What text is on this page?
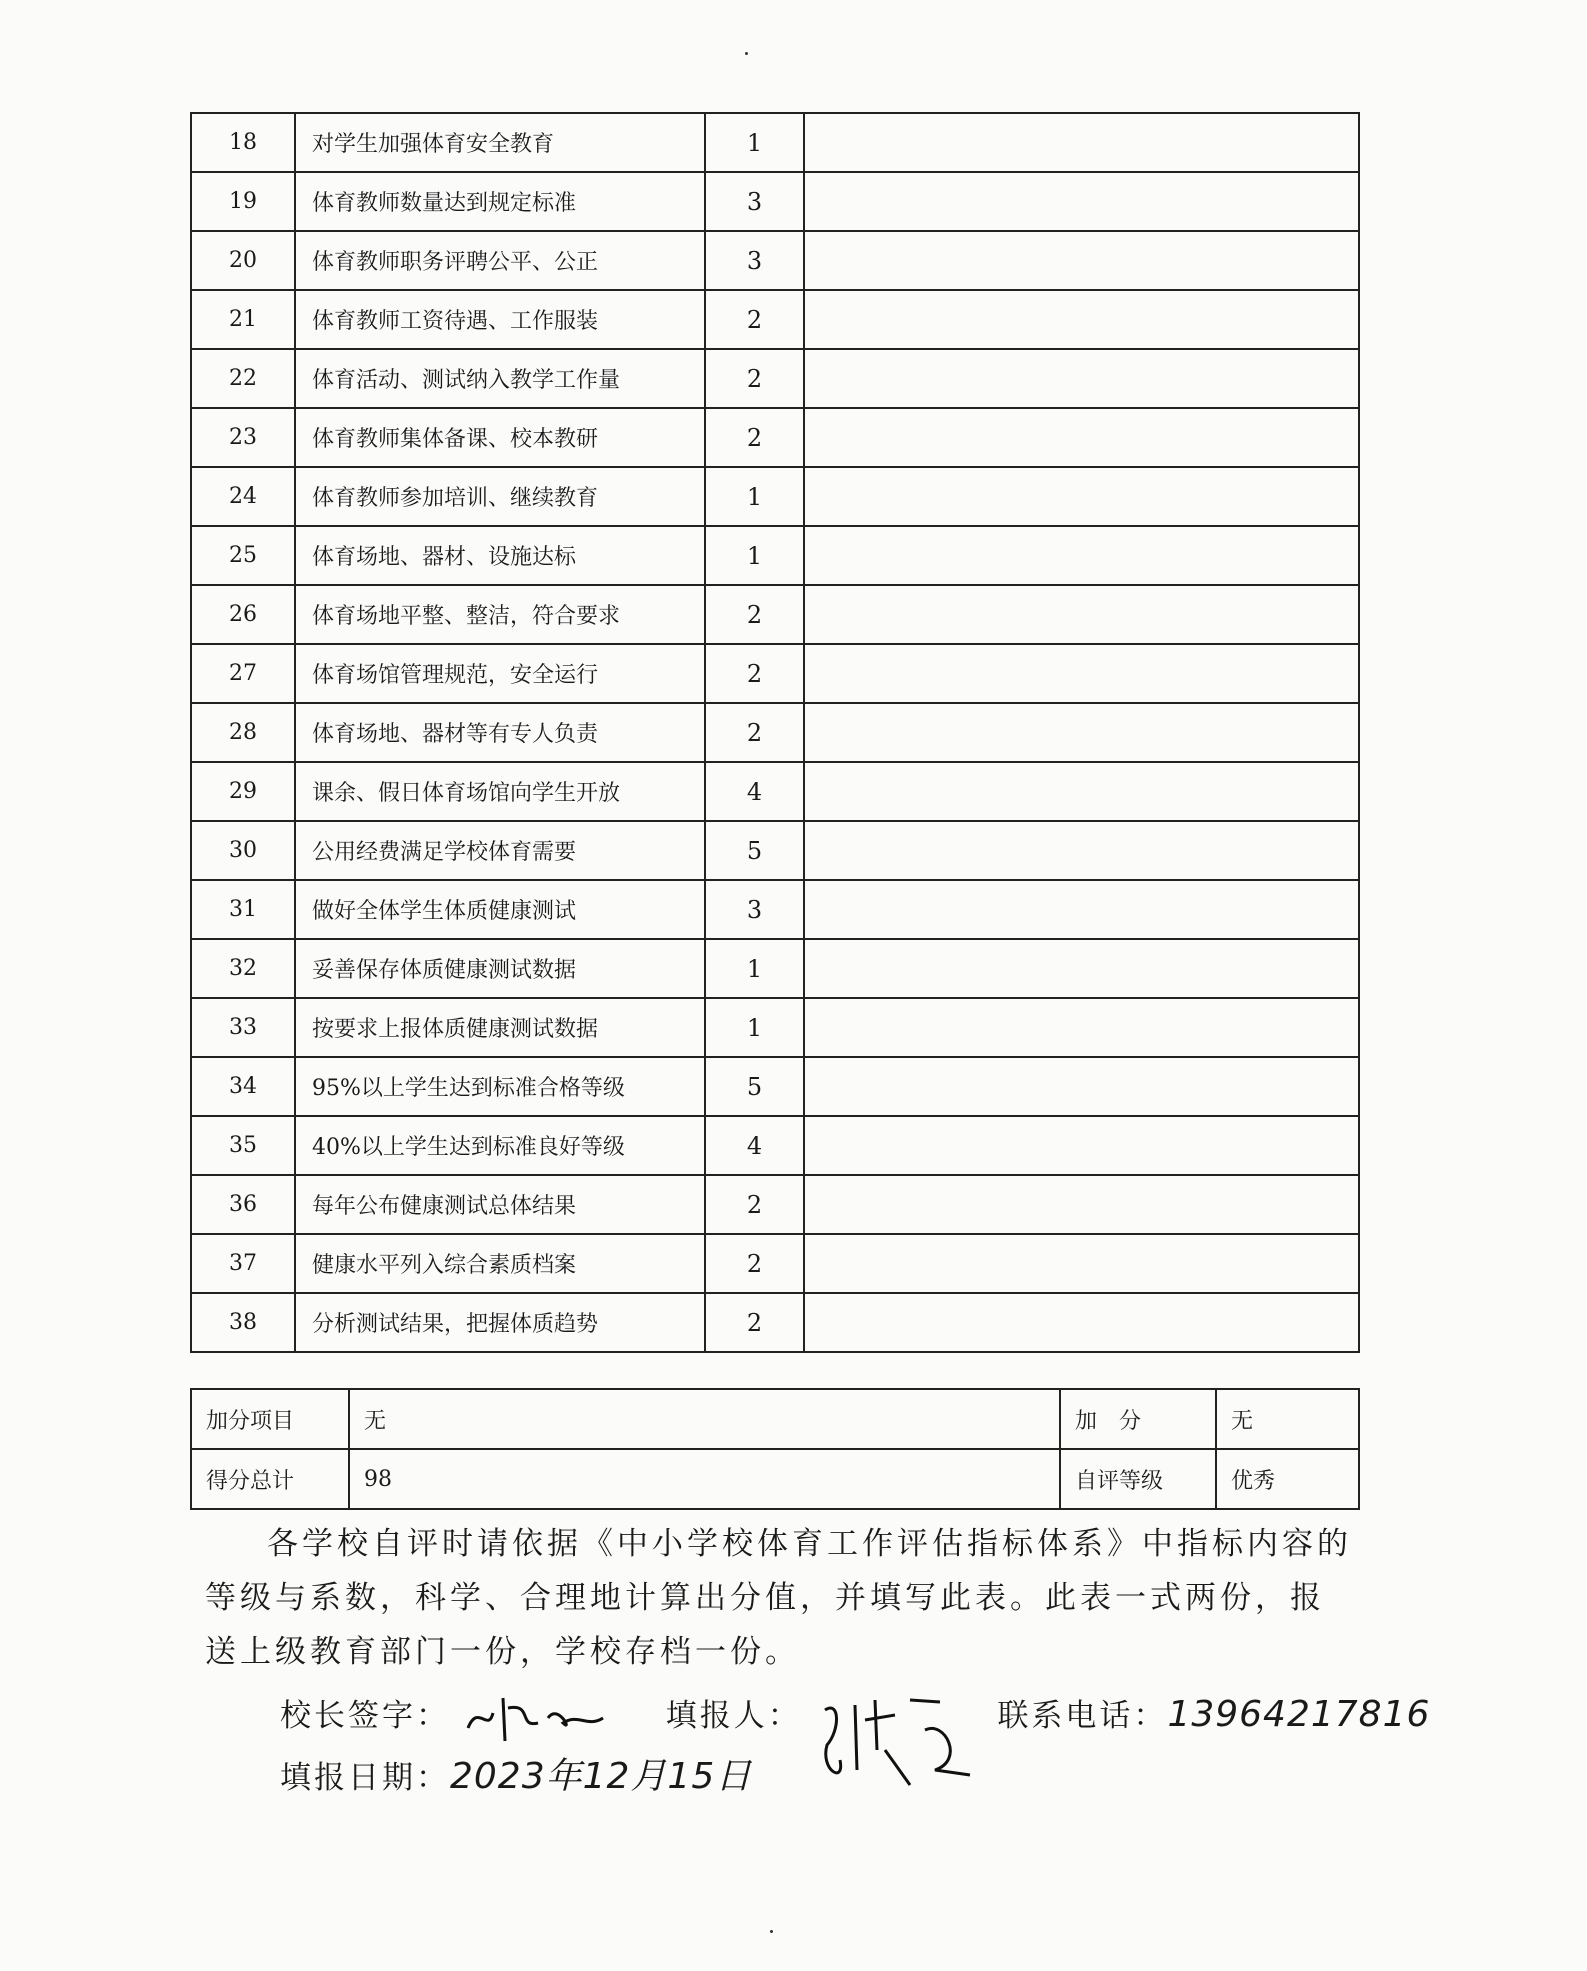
18	对学生加强体育安全教育	1	
19	体育教师数量达到规定标准	3	
20	体育教师职务评聘公平、公正	3	
21	体育教师工资待遇、工作服装	2	
22	体育活动、测试纳入教学工作量	2	
23	体育教师集体备课、校本教研	2	
24	体育教师参加培训、继续教育	1	
25	体育场地、器材、设施达标	1	
26	体育场地平整、整洁，符合要求	2	
27	体育场馆管理规范，安全运行	2	
28	体育场地、器材等有专人负责	2	
29	课余、假日体育场馆向学生开放	4	
30	公用经费满足学校体育需要	5	
31	做好全体学生体质健康测试	3	
32	妥善保存体质健康测试数据	1	
33	按要求上报体质健康测试数据	1	
34	95%以上学生达到标准合格等级	5	
35	40%以上学生达到标准良好等级	4	
36	每年公布健康测试总体结果	2	
37	健康水平列入综合素质档案	2	
38	分析测试结果，把握体质趋势	2	
加分项目	无	加　分	无
得分总计	98	自评等级	优秀

各学校自评时请依据《中小学校体育工作评估指标体系》中指标内容的等级与系数，科学、合理地计算出分值，并填写此表。此表一式两份，报送上级教育部门一份，学校存档一份。

校长签字：	填报人：	联系电话：13964217816
填报日期：2023年12月15日
